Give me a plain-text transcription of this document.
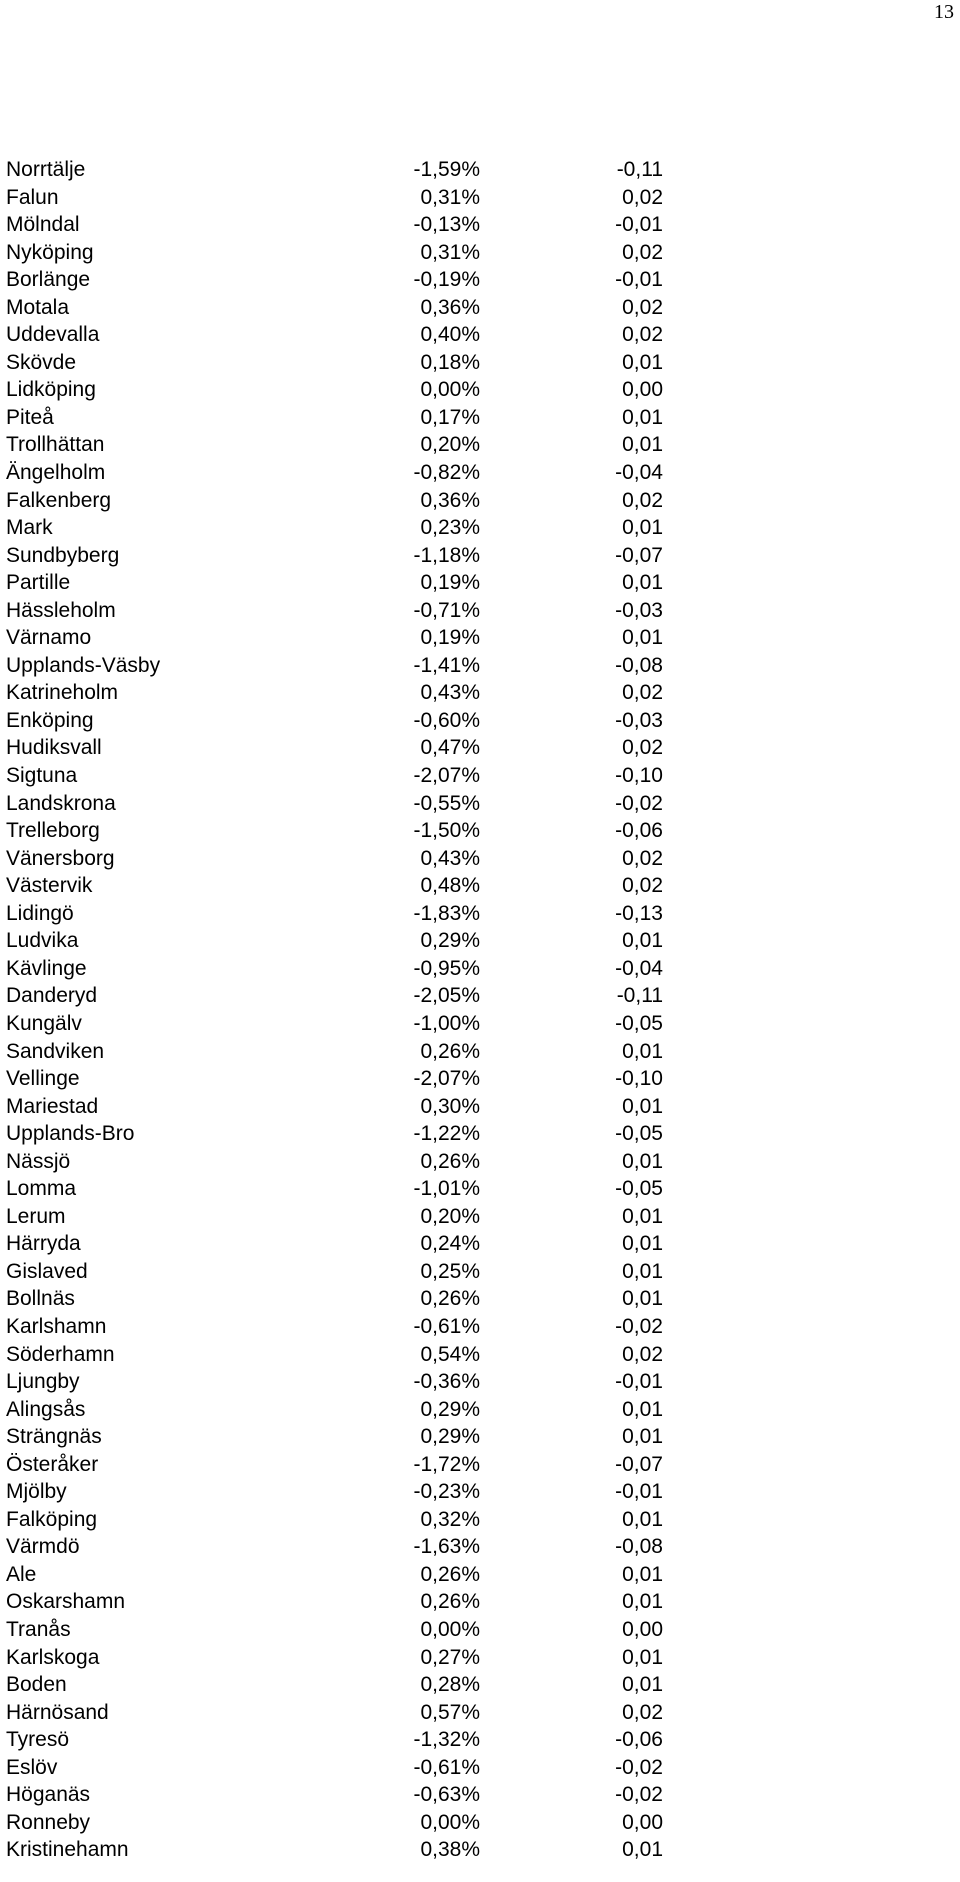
13
Norrtälje	-1,59%	-0,11
Falun	0,31%	0,02
Mölndal	-0,13%	-0,01
Nyköping	0,31%	0,02
Borlänge	-0,19%	-0,01
Motala	0,36%	0,02
Uddevalla	0,40%	0,02
Skövde	0,18%	0,01
Lidköping	0,00%	0,00
Piteå	0,17%	0,01
Trollhättan	0,20%	0,01
Ängelholm	-0,82%	-0,04
Falkenberg	0,36%	0,02
Mark	0,23%	0,01
Sundbyberg	-1,18%	-0,07
Partille	0,19%	0,01
Hässleholm	-0,71%	-0,03
Värnamo	0,19%	0,01
Upplands-Väsby	-1,41%	-0,08
Katrineholm	0,43%	0,02
Enköping	-0,60%	-0,03
Hudiksvall	0,47%	0,02
Sigtuna	-2,07%	-0,10
Landskrona	-0,55%	-0,02
Trelleborg	-1,50%	-0,06
Vänersborg	0,43%	0,02
Västervik	0,48%	0,02
Lidingö	-1,83%	-0,13
Ludvika	0,29%	0,01
Kävlinge	-0,95%	-0,04
Danderyd	-2,05%	-0,11
Kungälv	-1,00%	-0,05
Sandviken	0,26%	0,01
Vellinge	-2,07%	-0,10
Mariestad	0,30%	0,01
Upplands-Bro	-1,22%	-0,05
Nässjö	0,26%	0,01
Lomma	-1,01%	-0,05
Lerum	0,20%	0,01
Härryda	0,24%	0,01
Gislaved	0,25%	0,01
Bollnäs	0,26%	0,01
Karlshamn	-0,61%	-0,02
Söderhamn	0,54%	0,02
Ljungby	-0,36%	-0,01
Alingsås	0,29%	0,01
Strängnäs	0,29%	0,01
Österåker	-1,72%	-0,07
Mjölby	-0,23%	-0,01
Falköping	0,32%	0,01
Värmdö	-1,63%	-0,08
Ale	0,26%	0,01
Oskarshamn	0,26%	0,01
Tranås	0,00%	0,00
Karlskoga	0,27%	0,01
Boden	0,28%	0,01
Härnösand	0,57%	0,02
Tyresö	-1,32%	-0,06
Eslöv	-0,61%	-0,02
Höganäs	-0,63%	-0,02
Ronneby	0,00%	0,00
Kristinehamn	0,38%	0,01
